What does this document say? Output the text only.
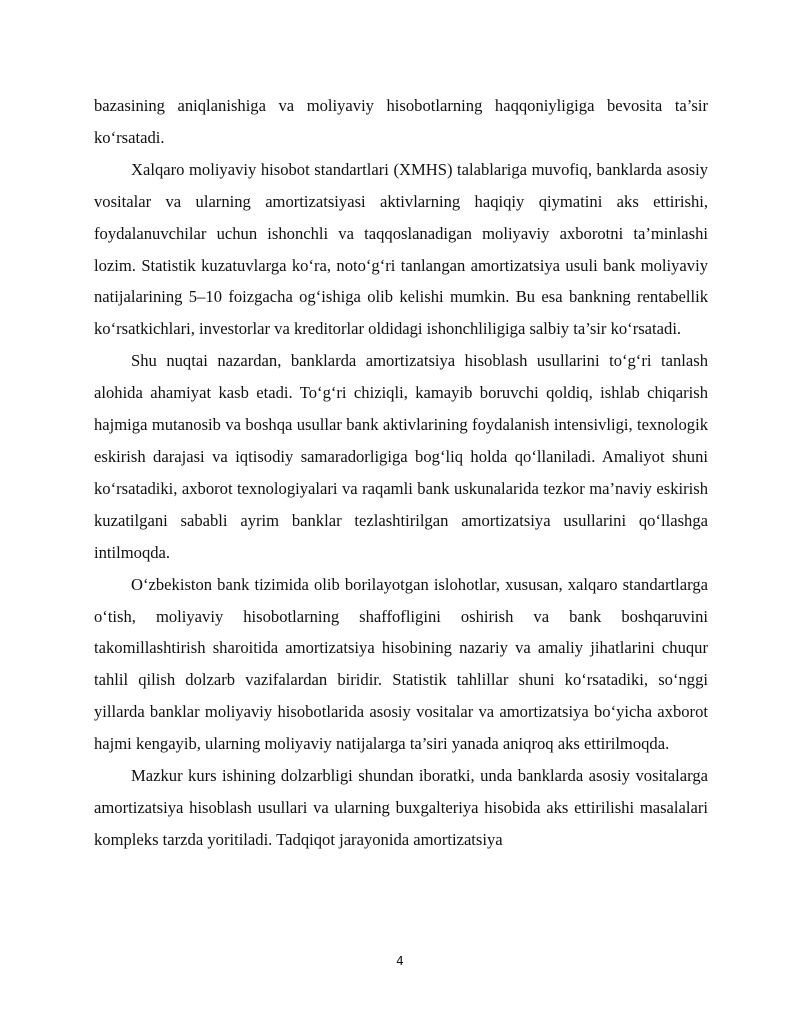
bazasining aniqlanishiga va moliyaviy hisobotlarning haqqoniyligiga bevosita ta’sir ko‘rsatadi.

Xalqaro moliyaviy hisobot standartlari (XMHS) talablariga muvofiq, banklarda asosiy vositalar va ularning amortizatsiyasi aktivlarning haqiqiy qiymatini aks ettirishi, foydalanuvchilar uchun ishonchli va taqqoslanadigan moliyaviy axborotni ta’minlashi lozim. Statistik kuzatuvlarga ko‘ra, noto‘g‘ri tanlangan amortizatsiya usuli bank moliyaviy natijalarining 5–10 foizgacha og‘ishiga olib kelishi mumkin. Bu esa bankning rentabellik ko‘rsatkichlari, investorlar va kreditorlar oldidagi ishonchliligiga salbiy ta’sir ko‘rsatadi.

Shu nuqtai nazardan, banklarda amortizatsiya hisoblash usullarini to‘g‘ri tanlash alohida ahamiyat kasb etadi. To‘g‘ri chiziqli, kamayib boruvchi qoldiq, ishlab chiqarish hajmiga mutanosib va boshqa usullar bank aktivlarining foydalanish intensivligi, texnologik eskirish darajasi va iqtisodiy samaradorligiga bog‘liq holda qo‘llaniladi. Amaliyot shuni ko‘rsatadiki, axborot texnologiyalari va raqamli bank uskunalarida tezkor ma’naviy eskirish kuzatilgani sababli ayrim banklar tezlashtirilgan amortizatsiya usullarini qo‘llashga intilmoqda.

O‘zbekiston bank tizimida olib borilayotgan islohotlar, xususan, xalqaro standartlarga o‘tish, moliyaviy hisobotlarning shaffofligini oshirish va bank boshqaruvini takomillashtirish sharoitida amortizatsiya hisobining nazariy va amaliy jihatlarini chuqur tahlil qilish dolzarb vazifalardan biridir. Statistik tahlillar shuni ko‘rsatadiki, so‘nggi yillarda banklar moliyaviy hisobotlarida asosiy vositalar va amortizatsiya bo‘yicha axborot hajmi kengayib, ularning moliyaviy natijalarga ta’siri yanada aniqroq aks ettirilmoqda.

Mazkur kurs ishining dolzarbligi shundan iboratki, unda banklarda asosiy vositalarga amortizatsiya hisoblash usullari va ularning buxgalteriya hisobida aks ettirilishi masalalari kompleks tarzda yoritiladi. Tadqiqot jarayonida amortizatsiya

4
